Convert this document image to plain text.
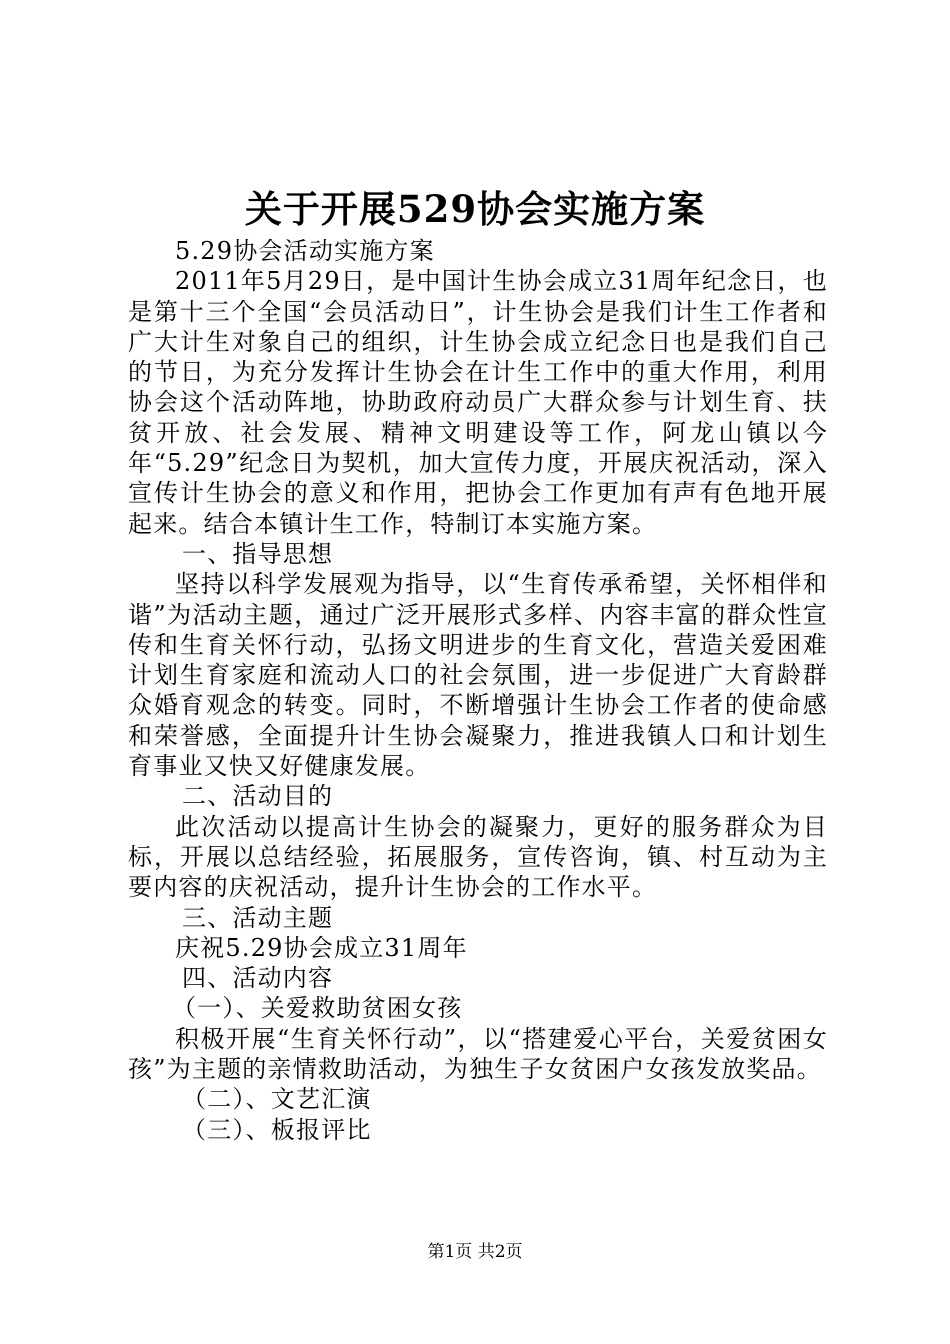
关于开展529协会实施方案

5.29协会活动实施方案

2011年5月29日，是中国计生协会成立31周年纪念日，也是第十三个全国“会员活动日”，计生协会是我们计生工作者和广大计生对象自己的组织，计生协会成立纪念日也是我们自己的节日，为充分发挥计生协会在计生工作中的重大作用，利用协会这个活动阵地，协助政府动员广大群众参与计划生育、扶贫开放、社会发展、精神文明建设等工作，阿龙山镇以今年“5.29”纪念日为契机，加大宣传力度，开展庆祝活动，深入宣传计生协会的意义和作用，把协会工作更加有声有色地开展起来。结合本镇计生工作，特制订本实施方案。

一、指导思想

坚持以科学发展观为指导，以“生育传承希望，关怀相伴和谐”为活动主题，通过广泛开展形式多样、内容丰富的群众性宣传和生育关怀行动，弘扬文明进步的生育文化，营造关爱困难计划生育家庭和流动人口的社会氛围，进一步促进广大育龄群众婚育观念的转变。同时，不断增强计生协会工作者的使命感和荣誉感，全面提升计生协会凝聚力，推进我镇人口和计划生育事业又快又好健康发展。

二、活动目的

此次活动以提高计生协会的凝聚力，更好的服务群众为目标，开展以总结经验，拓展服务，宣传咨询，镇、村互动为主要内容的庆祝活动，提升计生协会的工作水平。

三、活动主题

庆祝5.29协会成立31周年

四、活动内容

（一）、关爱救助贫困女孩

积极开展“生育关怀行动”，以“搭建爱心平台，关爱贫困女孩”为主题的亲情救助活动，为独生子女贫困户女孩发放奖品。

（二）、文艺汇演

（三）、板报评比

第1页 共2页
